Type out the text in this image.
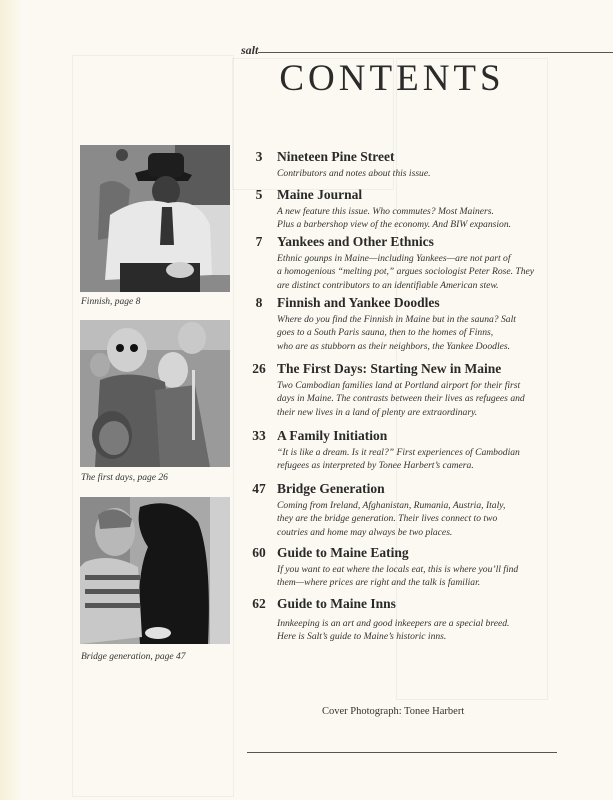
salt
CONTENTS
Finnish, page 8
The first days, page 26
Bridge generation, page 47
3	Nineteen Pine Street
Contributors and notes about this issue.
5	Maine Journal
A new feature this issue. Who commutes? Most Mainers.
Plus a barbershop view of the economy. And BIW expansion.
7	Yankees and Other Ethnics
Ethnic gounps in Maine—including Yankees—are not part of
a homogenious “melting pot,” argues sociologist Peter Rose. They
are distinct contributors to an identifiable American stew.
8	Finnish and Yankee Doodles
Where do you find the Finnish in Maine but in the sauna? Salt
goes to a South Paris sauna, then to the homes of Finns,
who are as stubborn as their neighbors, the Yankee Doodles.
26 The First Days: Starting New in Maine
Two Cambodian families land at Portland airport for their first
days in Maine. The contrasts between their lives as refugees and
their new lives in a land of plenty are extraordinary.
33 A Family Initiation
“It is like a dream. Is it real?” First experiences of Cambodian
refugees as interpreted by Tonee Harbert’s camera.
47 Bridge Generation
Coming from Ireland, Afghanistan, Rumania, Austria, Italy,
they are the bridge generation. Their lives connect to two
coutries and home may always be two places.
60 Guide to Maine Eating
If you want to eat where the locals eat, this is where you’ll find
them—where prices are right and the talk is familiar.
62 Guide to Maine Inns
Innkeeping is an art and good inkeepers are a special breed.
Here is Salt’s guide to Maine’s historic inns.
Cover Photograph: Tonee Harbert
